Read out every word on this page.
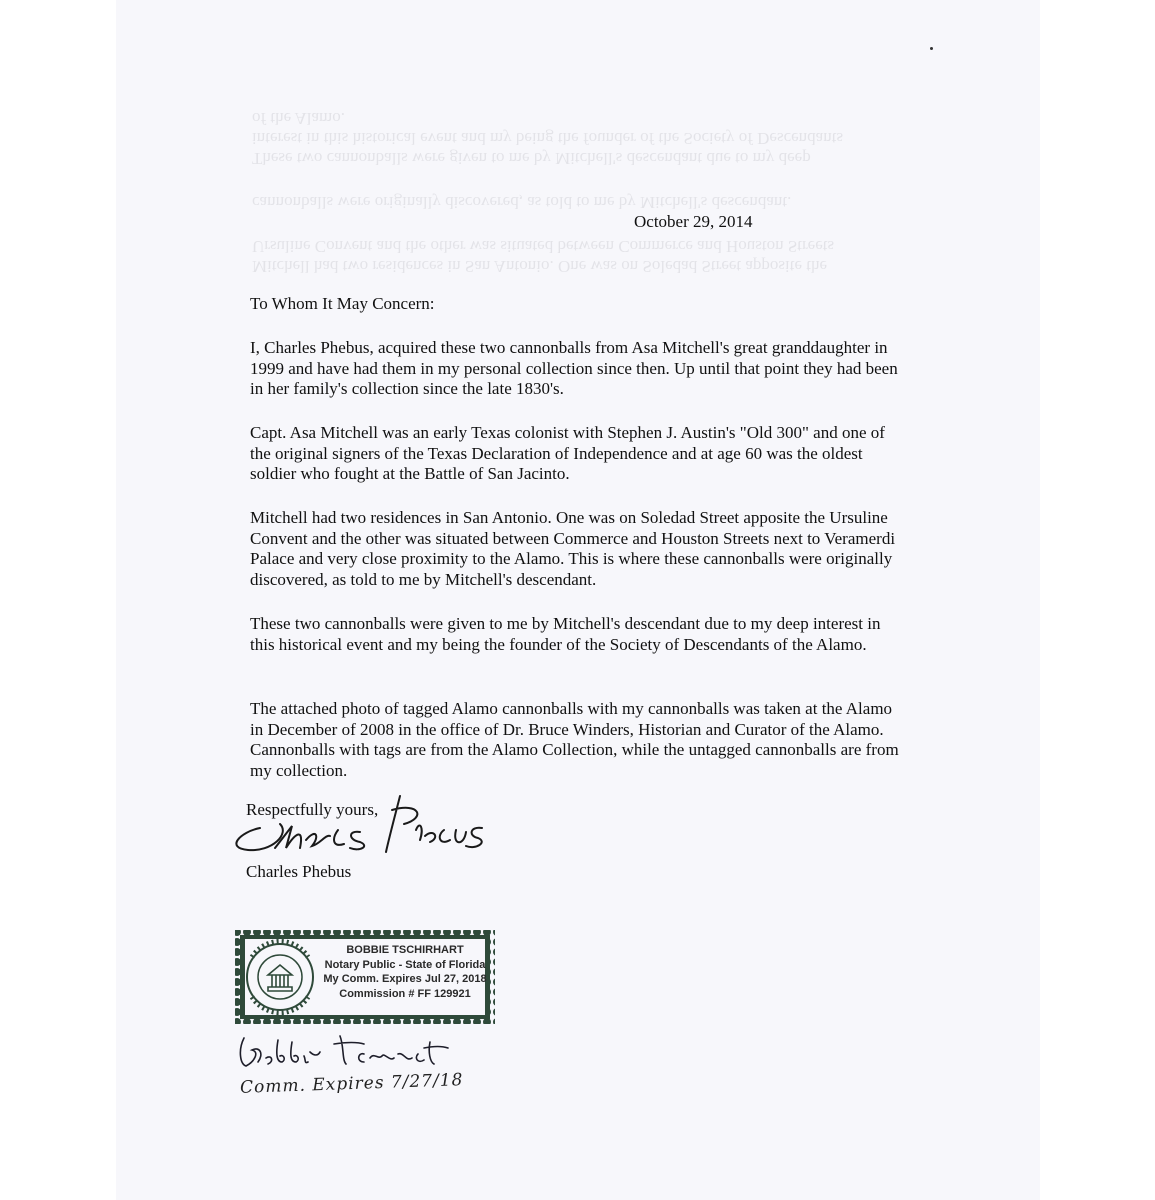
of the Alamo.
interest in this historical event and my being the founder of the Society of Descendants
These two cannonballs were given to me by Mitchell's descendant due to my deep
cannonballs were originally discovered, as told to me by Mitchell's descendant.
Ursuline Convent and the other was situated between Commerce and Houston Streets
Mitchell had two residences in San Antonio. One was on Soledad Street apposite the
October 29, 2014
To Whom It May Concern:

I, Charles Phebus, acquired these two cannonballs from Asa Mitchell's great granddaughter in 1999 and have had them in my personal collection since then. Up until that point they had been in her family's collection since the late 1830's.

Capt. Asa Mitchell was an early Texas colonist with Stephen J. Austin's "Old 300" and one of the original signers of the Texas Declaration of Independence and at age 60 was the oldest soldier who fought at the Battle of San Jacinto.

Mitchell had two residences in San Antonio. One was on Soledad Street apposite the Ursuline Convent and the other was situated between Commerce and Houston Streets next to Veramerdi Palace and very close proximity to the Alamo. This is where these cannonballs were originally discovered, as told to me by Mitchell's descendant.

These two cannonballs were given to me by Mitchell's descendant due to my deep interest in this historical event and my being the founder of the Society of Descendants of the Alamo.

The attached photo of tagged Alamo cannonballs with my cannonballs was taken at the Alamo in December of 2008 in the office of Dr. Bruce Winders, Historian and Curator of the Alamo. Cannonballs with tags are from the Alamo Collection, while the untagged cannonballs are from my collection.

Respectfully yours,
Charles Phebus
BOBBIE TSCHIRHART
Notary Public - State of Florida
My Comm. Expires Jul 27, 2018
Commission # FF 129921
Comm. Expires 7/27/18
